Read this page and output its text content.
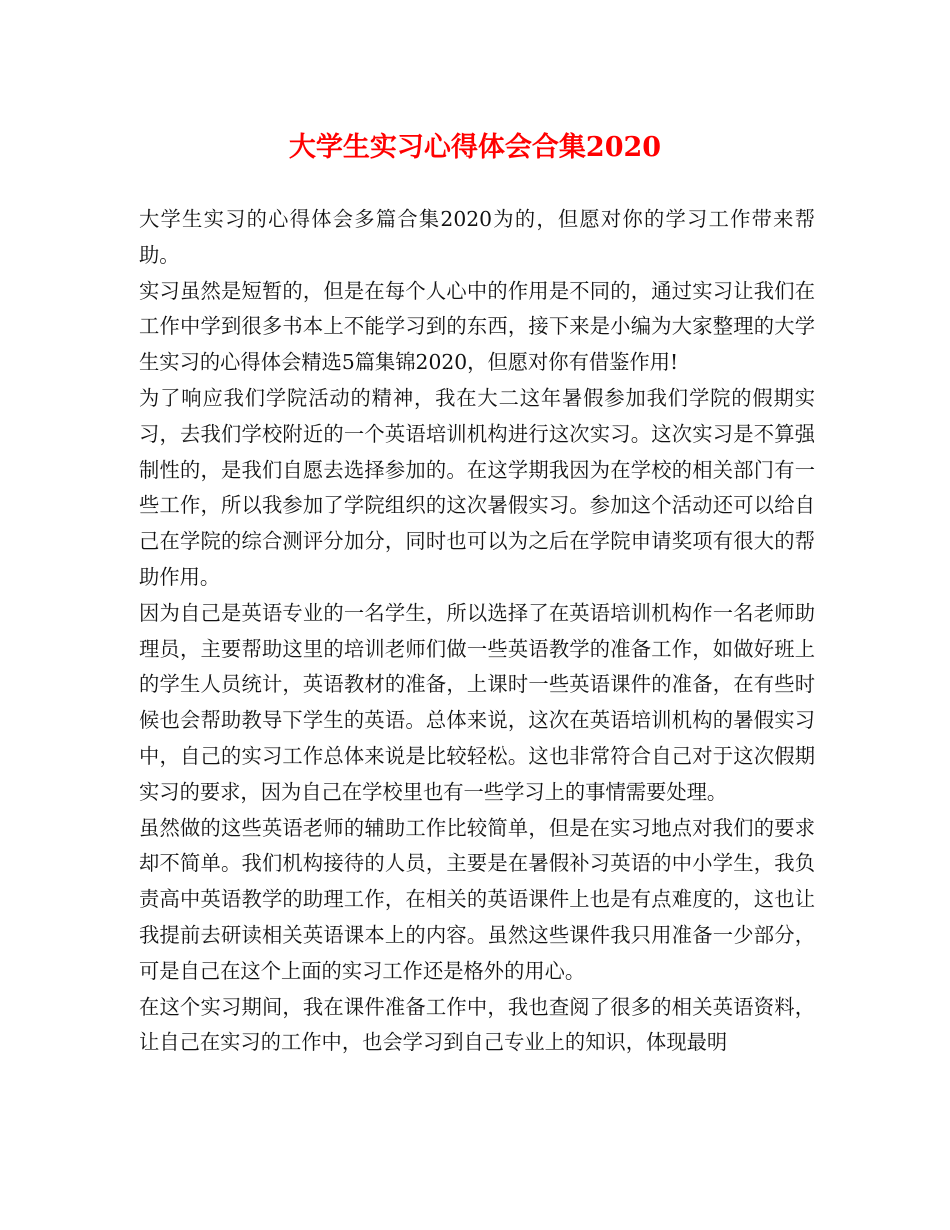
大学生实习心得体会合集2020

大学生实习的心得体会多篇合集2020为的，但愿对你的学习工作带来帮助。

实习虽然是短暂的，但是在每个人心中的作用是不同的，通过实习让我们在工作中学到很多书本上不能学习到的东西，接下来是小编为大家整理的大学生实习的心得体会精选5篇集锦2020，但愿对你有借鉴作用!

为了响应我们学院活动的精神，我在大二这年暑假参加我们学院的假期实习，去我们学校附近的一个英语培训机构进行这次实习。这次实习是不算强制性的，是我们自愿去选择参加的。在这学期我因为在学校的相关部门有一些工作，所以我参加了学院组织的这次暑假实习。参加这个活动还可以给自己在学院的综合测评分加分，同时也可以为之后在学院申请奖项有很大的帮助作用。

因为自己是英语专业的一名学生，所以选择了在英语培训机构作一名老师助理员，主要帮助这里的培训老师们做一些英语教学的准备工作，如做好班上的学生人员统计，英语教材的准备，上课时一些英语课件的准备，在有些时候也会帮助教导下学生的英语。总体来说，这次在英语培训机构的暑假实习中，自己的实习工作总体来说是比较轻松。这也非常符合自己对于这次假期实习的要求，因为自己在学校里也有一些学习上的事情需要处理。

虽然做的这些英语老师的辅助工作比较简单，但是在实习地点对我们的要求却不简单。我们机构接待的人员，主要是在暑假补习英语的中小学生，我负责高中英语教学的助理工作，在相关的英语课件上也是有点难度的，这也让我提前去研读相关英语课本上的内容。虽然这些课件我只用准备一少部分，可是自己在这个上面的实习工作还是格外的用心。

在这个实习期间，我在课件准备工作中，我也查阅了很多的相关英语资料，让自己在实习的工作中，也会学习到自己专业上的知识，体现最明
